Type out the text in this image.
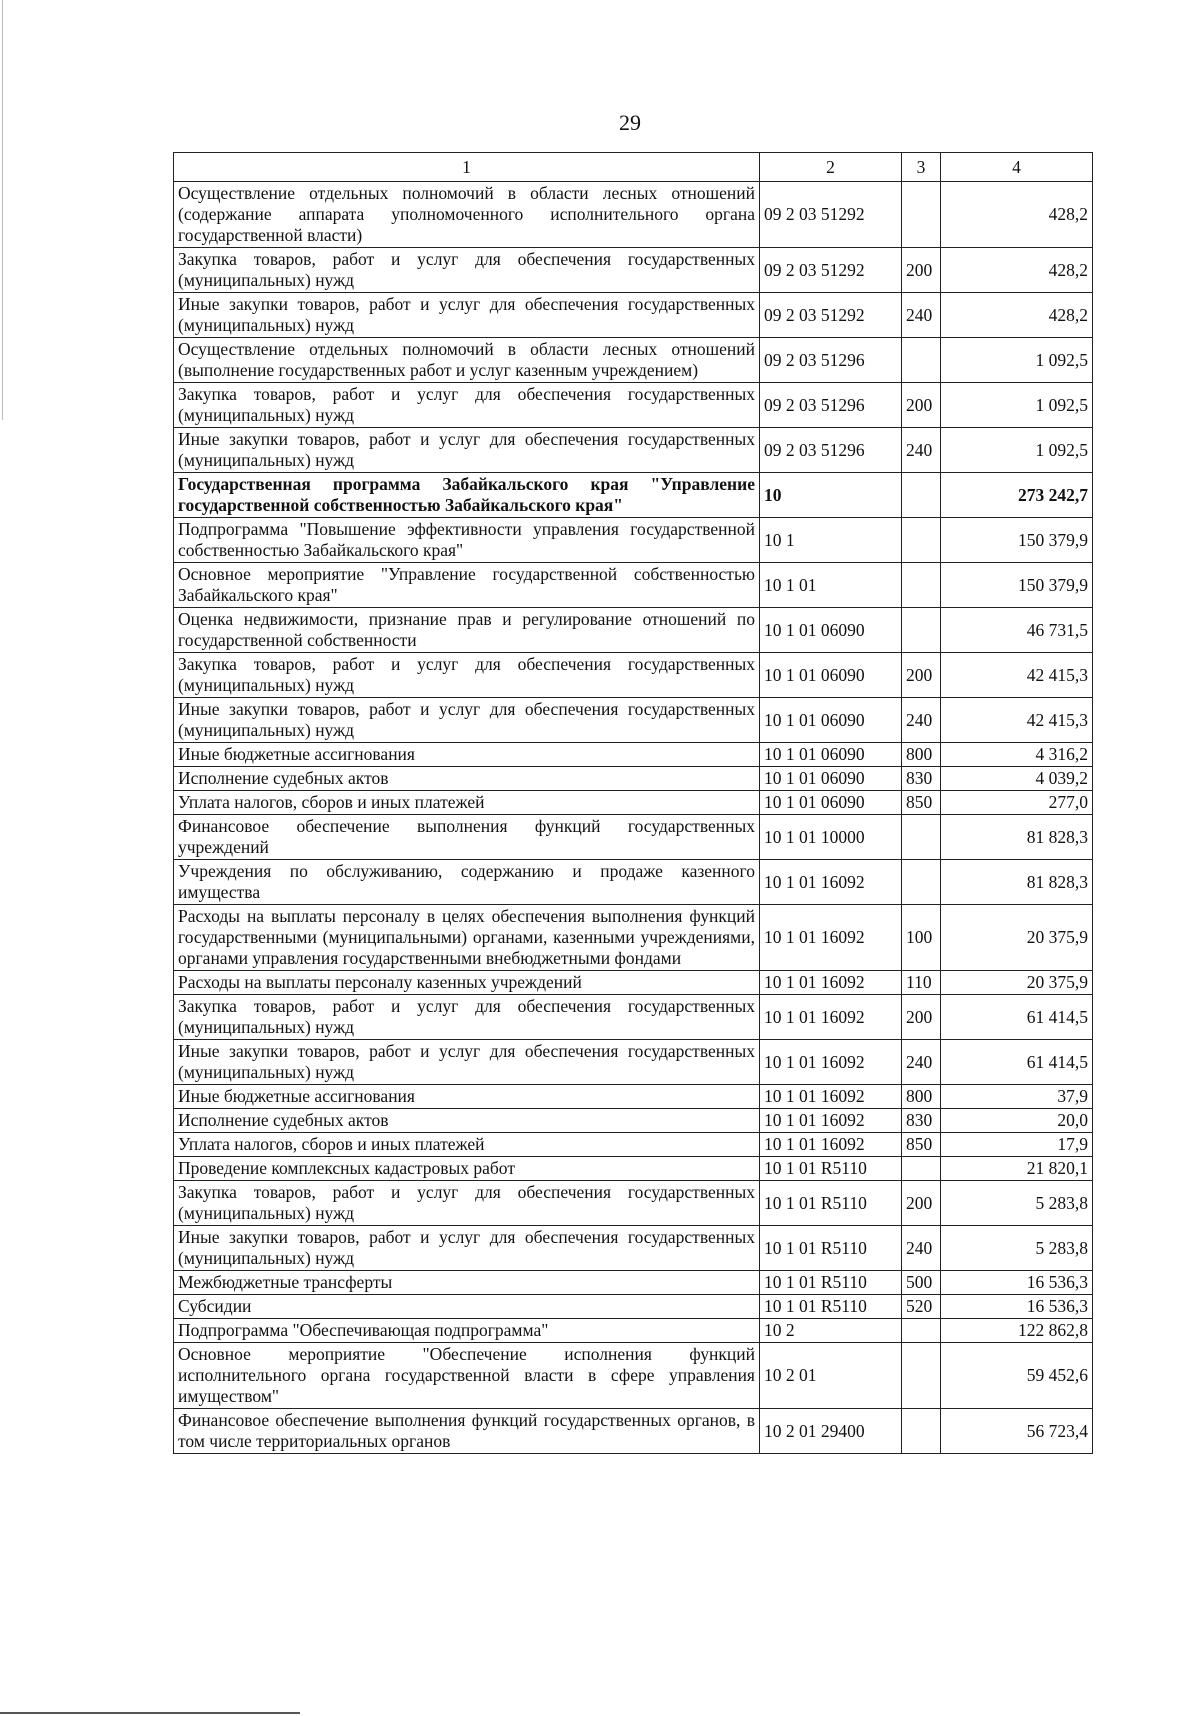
29
1	2	3	4
Осуществление отдельных полномочий в области лесных отношений (содержание аппарата уполномоченного исполнительного органа государственной власти)	09 2 03 51292		428,2
Закупка товаров, работ и услуг для обеспечения государственных (муниципальных) нужд	09 2 03 51292	200	428,2
Иные закупки товаров, работ и услуг для обеспечения государственных (муниципальных) нужд	09 2 03 51292	240	428,2
Осуществление отдельных полномочий в области лесных отношений (выполнение государственных работ и услуг казенным учреждением)	09 2 03 51296		1 092,5
Закупка товаров, работ и услуг для обеспечения государственных (муниципальных) нужд	09 2 03 51296	200	1 092,5
Иные закупки товаров, работ и услуг для обеспечения государственных (муниципальных) нужд	09 2 03 51296	240	1 092,5
Государственная программа Забайкальского края "Управление государственной собственностью Забайкальского края"	10		273 242,7
Подпрограмма "Повышение эффективности управления государственной собственностью Забайкальского края"	10 1		150 379,9
Основное мероприятие "Управление государственной собственностью Забайкальского края"	10 1 01		150 379,9
Оценка недвижимости, признание прав и регулирование отношений по государственной собственности	10 1 01 06090		46 731,5
Закупка товаров, работ и услуг для обеспечения государственных (муниципальных) нужд	10 1 01 06090	200	42 415,3
Иные закупки товаров, работ и услуг для обеспечения государственных (муниципальных) нужд	10 1 01 06090	240	42 415,3
Иные бюджетные ассигнования	10 1 01 06090	800	4 316,2
Исполнение судебных актов	10 1 01 06090	830	4 039,2
Уплата налогов, сборов и иных платежей	10 1 01 06090	850	277,0
Финансовое обеспечение выполнения функций государственных учреждений	10 1 01 10000		81 828,3
Учреждения по обслуживанию, содержанию и продаже казенного имущества	10 1 01 16092		81 828,3
Расходы на выплаты персоналу в целях обеспечения выполнения функций государственными (муниципальными) органами, казенными учреждениями, органами управления государственными внебюджетными фондами	10 1 01 16092	100	20 375,9
Расходы на выплаты персоналу казенных учреждений	10 1 01 16092	110	20 375,9
Закупка товаров, работ и услуг для обеспечения государственных (муниципальных) нужд	10 1 01 16092	200	61 414,5
Иные закупки товаров, работ и услуг для обеспечения государственных (муниципальных) нужд	10 1 01 16092	240	61 414,5
Иные бюджетные ассигнования	10 1 01 16092	800	37,9
Исполнение судебных актов	10 1 01 16092	830	20,0
Уплата налогов, сборов и иных платежей	10 1 01 16092	850	17,9
Проведение комплексных кадастровых работ	10 1 01 R5110		21 820,1
Закупка товаров, работ и услуг для обеспечения государственных (муниципальных) нужд	10 1 01 R5110	200	5 283,8
Иные закупки товаров, работ и услуг для обеспечения государственных (муниципальных) нужд	10 1 01 R5110	240	5 283,8
Межбюджетные трансферты	10 1 01 R5110	500	16 536,3
Субсидии	10 1 01 R5110	520	16 536,3
Подпрограмма "Обеспечивающая подпрограмма"	10 2		122 862,8
Основное мероприятие "Обеспечение исполнения функций исполнительного органа государственной власти в сфере управления имуществом"	10 2 01		59 452,6
Финансовое обеспечение выполнения функций государственных органов, в том числе территориальных органов	10 2 01 29400		56 723,4
